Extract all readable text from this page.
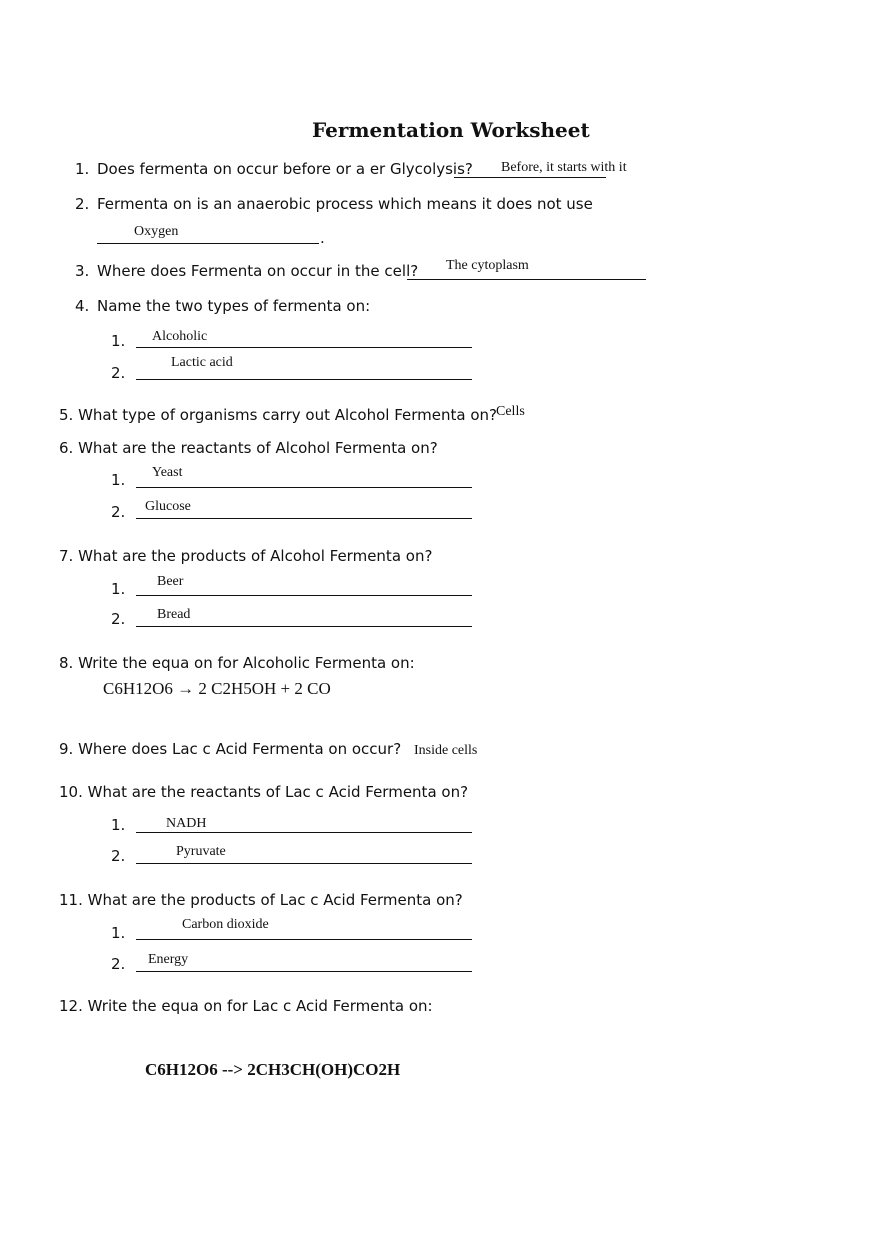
Fermentation Worksheet
1. Does fermenta on occur before or a er Glycolysis? Before, it starts with it
2. Fermenta on is an anaerobic process which means it does not use
Oxygen	.
3. Where does Fermenta on occur in the cell? The cytoplasm
4. Name the two types of fermenta on:
1. Alcoholic
2.
Lactic acid
5. What type of organisms carry out Alcohol Fermenta on? Cells
6. What are the reactants of Alcohol Fermenta on?
1. Yeast
2. Glucose
7. What are the products of Alcohol Fermenta on?
1. Beer
2. Bread
8. Write the equa on for Alcoholic Fermenta on:
C6H12O6 → 2 C2H5OH + 2 CO
9. Where does Lac c Acid Fermenta on occur? Inside cells
10. What are the reactants of Lac c Acid Fermenta on?
1.	NADH
2.	Pyruvate
11. What are the products of Lac c Acid Fermenta on?
1.	Carbon dioxide
2. Energy
12. Write the equa on for Lac c Acid Fermenta on:
C6H12O6 --> 2CH3CH(OH)CO2H
